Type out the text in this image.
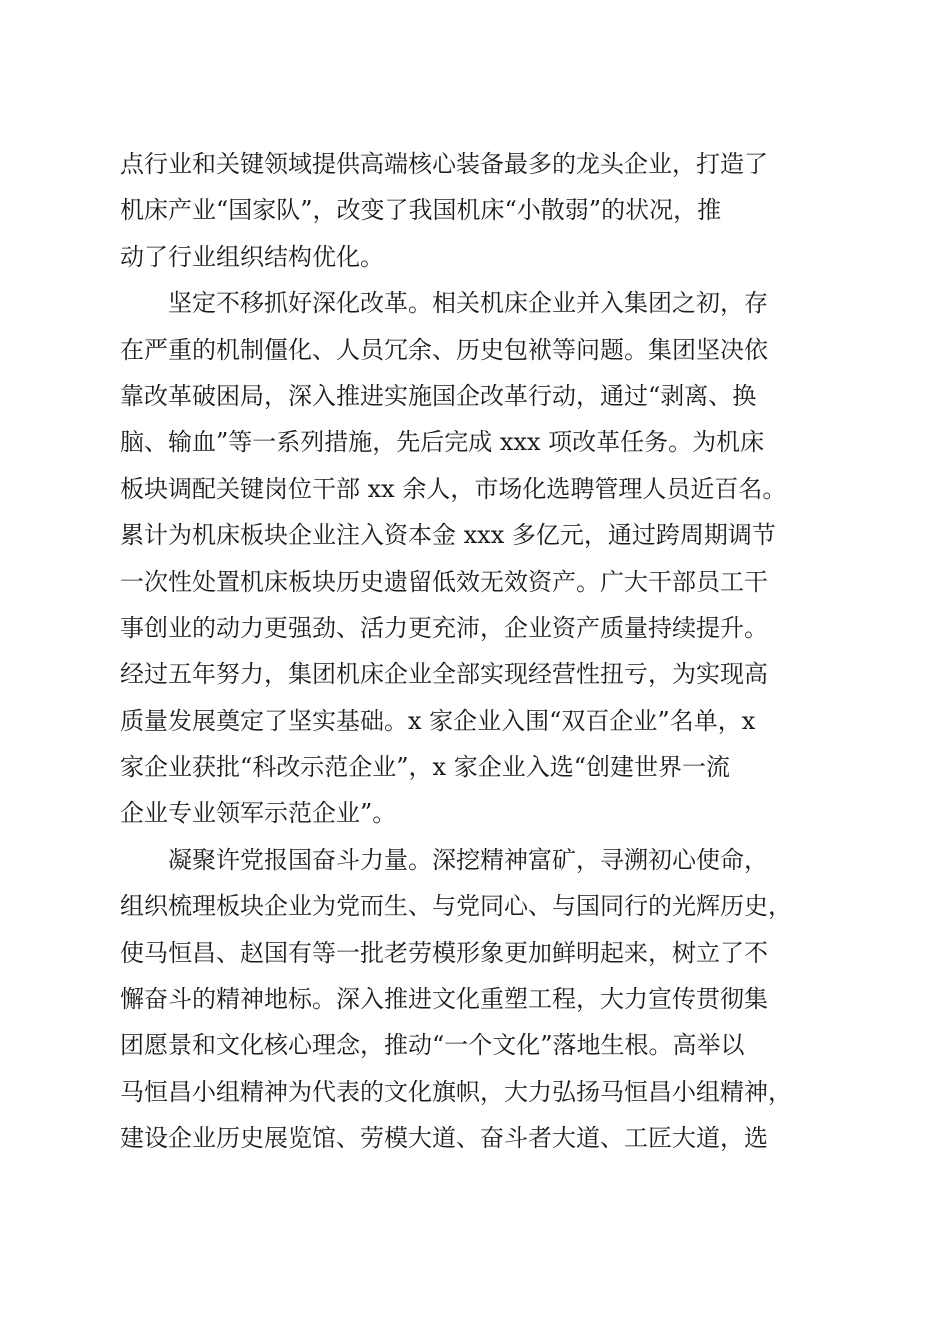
点行业和关键领域提供高端核心装备最多的龙头企业，打造了
机床产业“国家队”，改变了我国机床“小散弱”的状况，推
动了行业组织结构优化。
坚定不移抓好深化改革。相关机床企业并入集团之初，存
在严重的机制僵化、人员冗余、历史包袱等问题。集团坚决依
靠改革破困局，深入推进实施国企改革行动，通过“剥离、换
脑、输血”等一系列措施，先后完成 xxx 项改革任务。为机床
板块调配关键岗位干部 xx 余人，市场化选聘管理人员近百名。
累计为机床板块企业注入资本金 xxx 多亿元，通过跨周期调节
一次性处置机床板块历史遗留低效无效资产。广大干部员工干
事创业的动力更强劲、活力更充沛，企业资产质量持续提升。
经过五年努力，集团机床企业全部实现经营性扭亏，为实现高
质量发展奠定了坚实基础。x 家企业入围“双百企业”名单，x
家企业获批“科改示范企业”，x 家企业入选“创建世界一流
企业专业领军示范企业”。
凝聚许党报国奋斗力量。深挖精神富矿，寻溯初心使命，
组织梳理板块企业为党而生、与党同心、与国同行的光辉历史，
使马恒昌、赵国有等一批老劳模形象更加鲜明起来，树立了不
懈奋斗的精神地标。深入推进文化重塑工程，大力宣传贯彻集
团愿景和文化核心理念，推动“一个文化”落地生根。高举以
马恒昌小组精神为代表的文化旗帜，大力弘扬马恒昌小组精神，
建设企业历史展览馆、劳模大道、奋斗者大道、工匠大道，选
